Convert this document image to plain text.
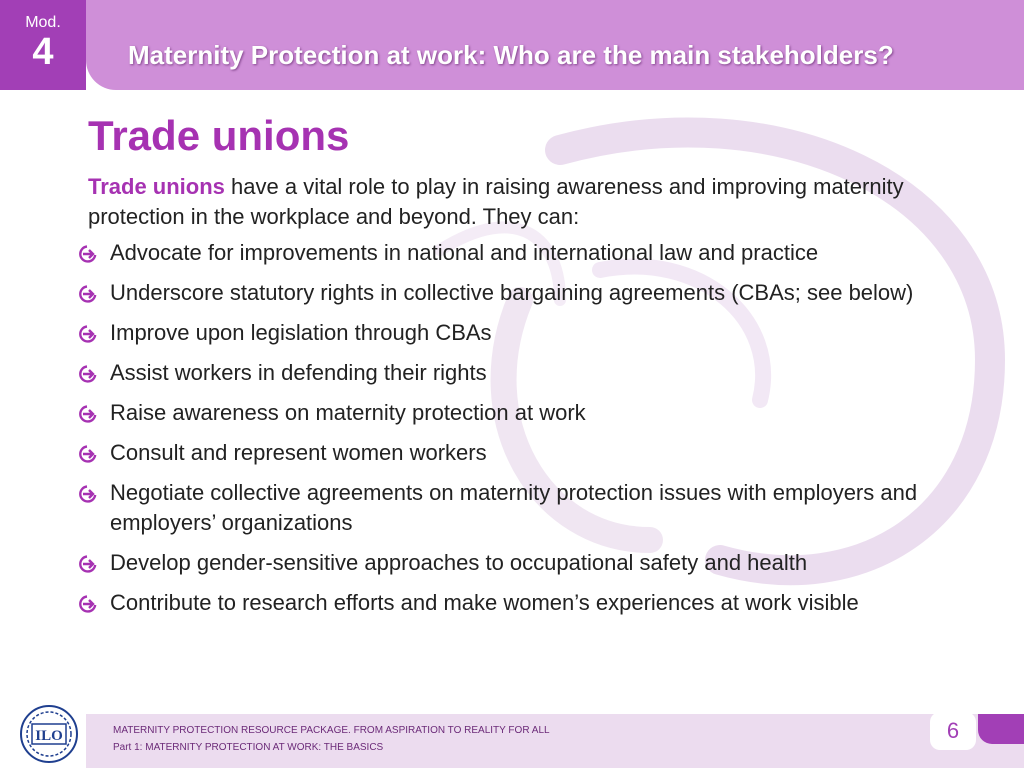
Mod.
4	Maternity Protection at work: Who are the main stakeholders?
Trade unions

Trade unions have a vital role to play in raising awareness and improving maternity protection in the workplace and beyond. They can:

Advocate for improvements in national and international law and practice
Underscore statutory rights in collective bargaining agreements (CBAs; see below)
Improve upon legislation through CBAs
Assist workers in defending their rights
Raise awareness on maternity protection at work
Consult and represent women workers
Negotiate collective agreements on maternity protection issues with employers and employers’ organizations
Develop gender-sensitive approaches to occupational safety and health
Contribute to research efforts and make women’s experiences at work visible
ILO	MATERNITY PROTECTION RESOURCE PACKAGE. FROM ASPIRATION TO REALITY FOR ALL
Part 1: MATERNITY PROTECTION AT WORK: THE BASICS
6
